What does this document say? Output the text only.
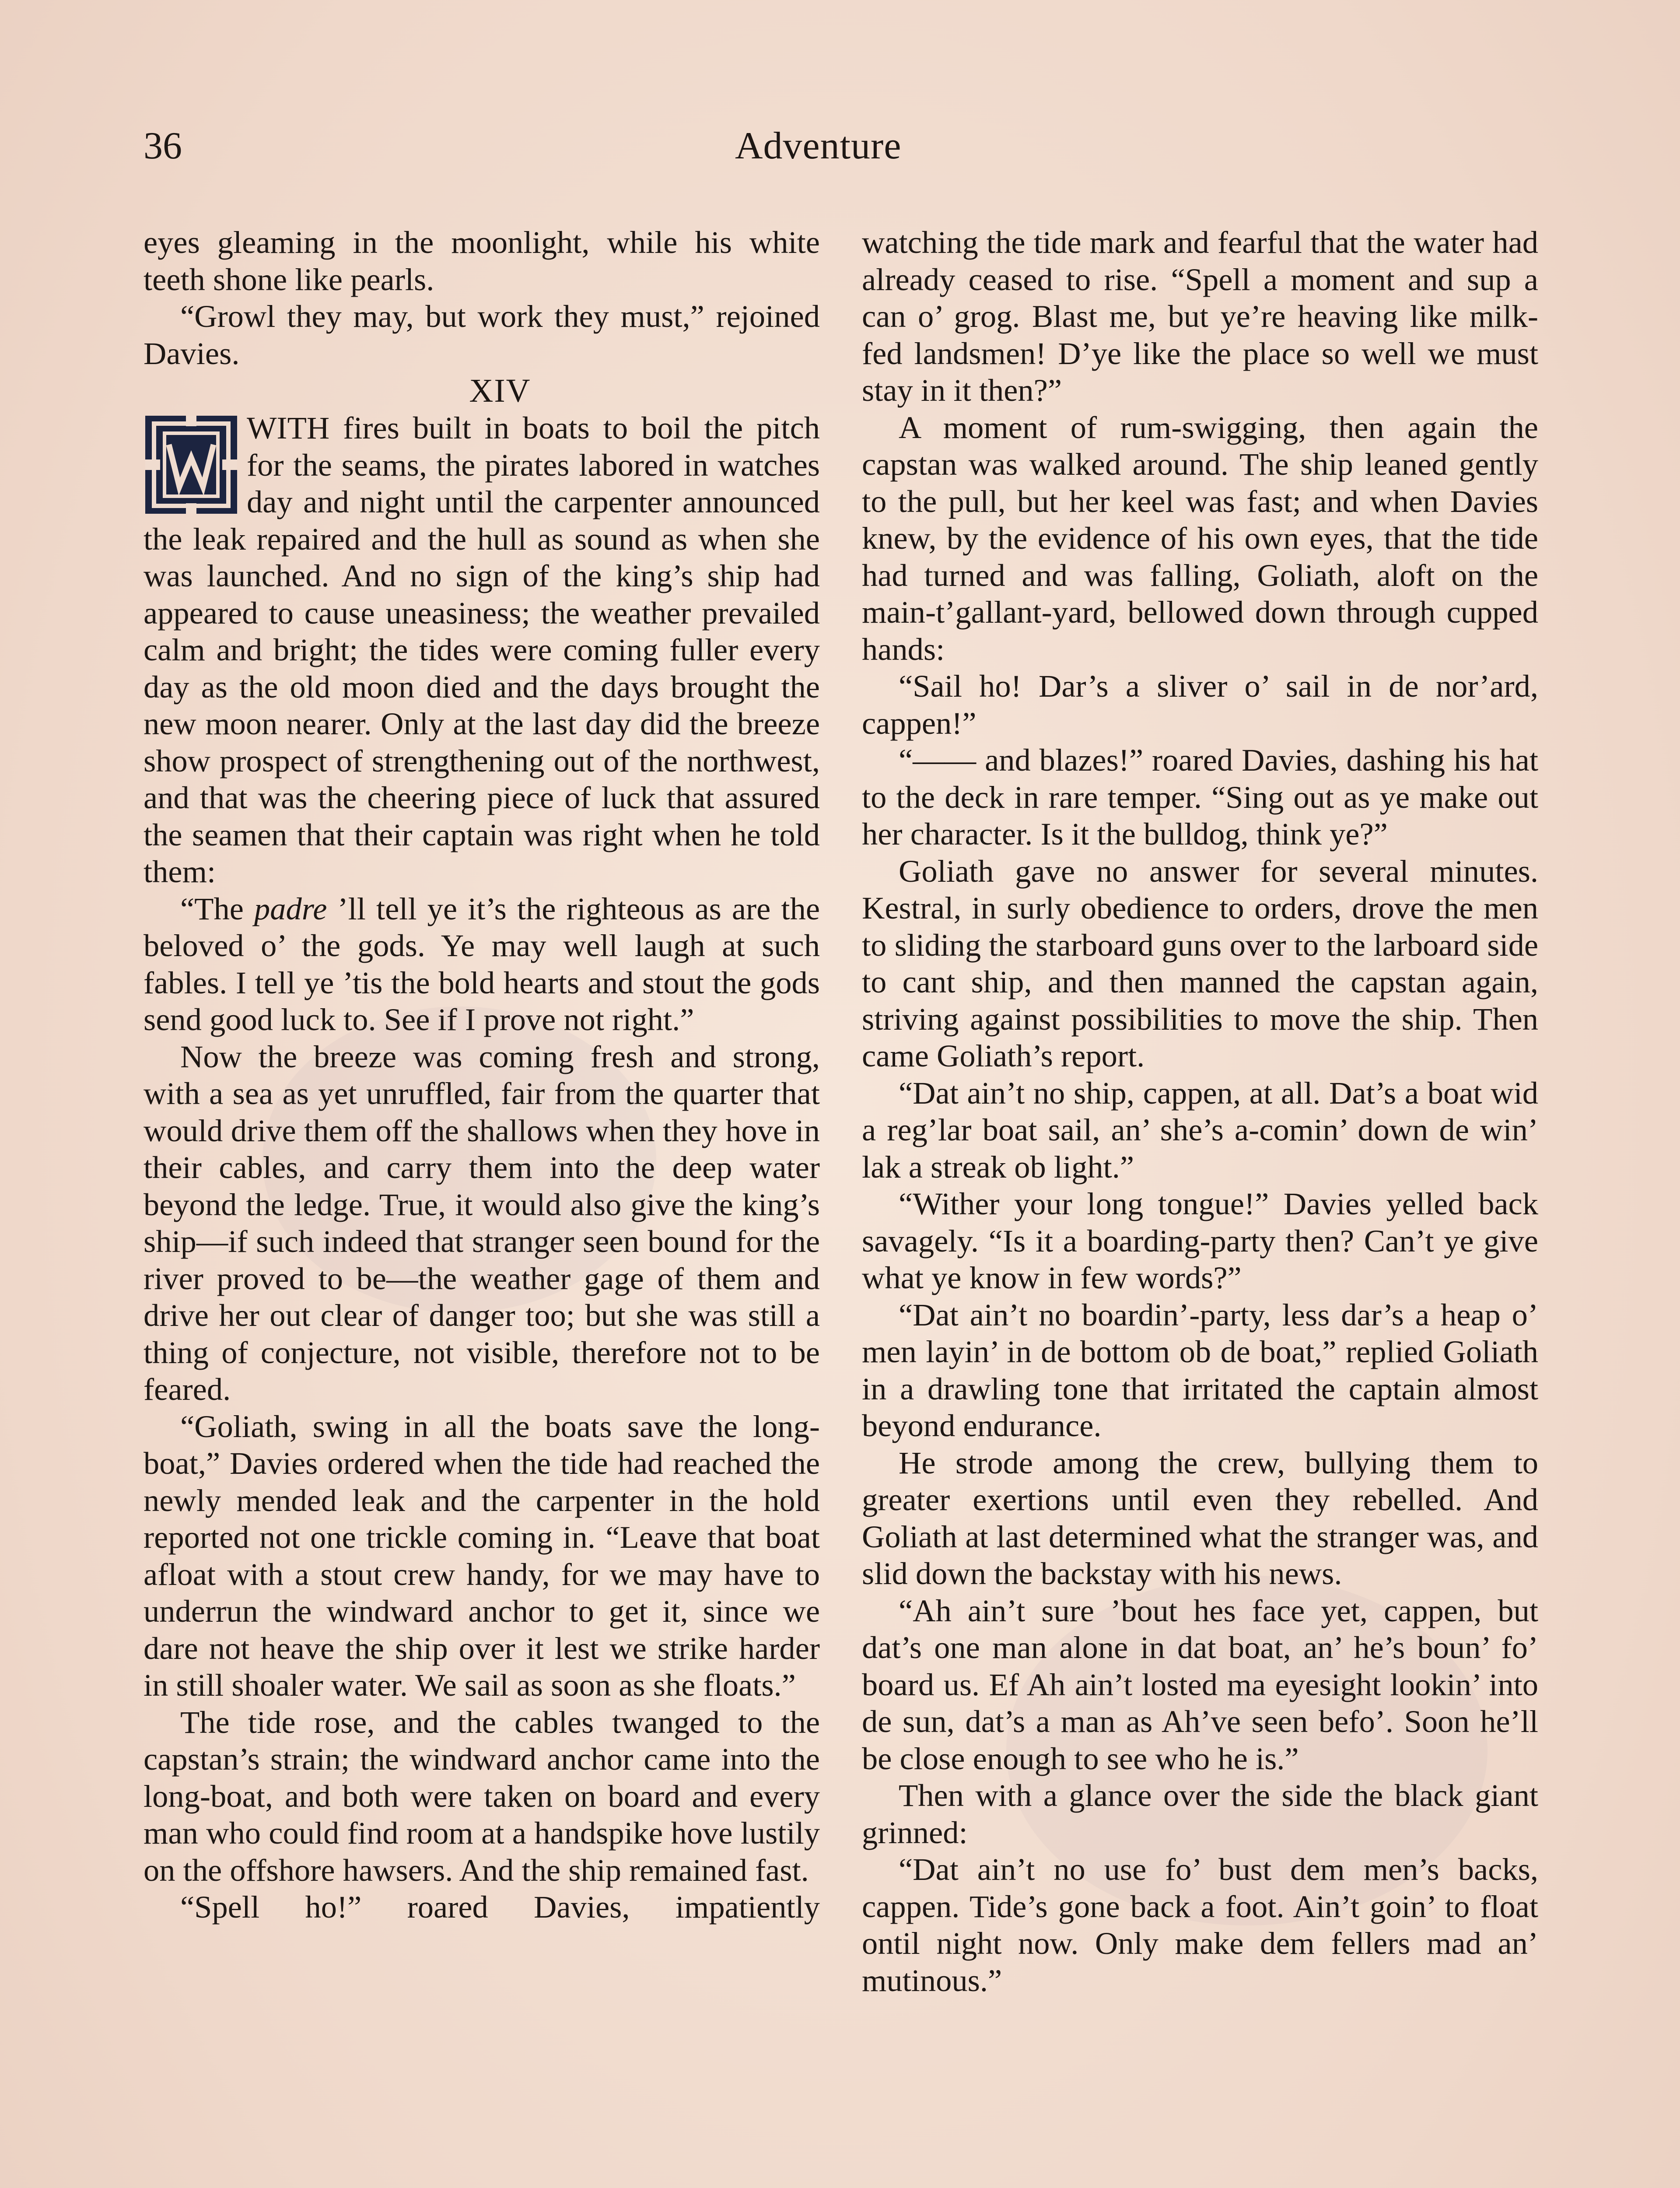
36	Adventure

eyes gleaming in the moonlight, while his white teeth shone like pearls.

“Growl they may, but work they must,” rejoined Davies.

XIV

WITH fires built in boats to boil the pitch for the seams, the pirates labored in watches day and night until the carpenter announced the leak repaired and the hull as sound as when she was launched. And no sign of the king’s ship had appeared to cause uneasiness; the weather prevailed calm and bright; the tides were coming fuller every day as the old moon died and the days brought the new moon nearer. Only at the last day did the breeze show prospect of strengthening out of the northwest, and that was the cheering piece of luck that assured the seamen that their captain was right when he told them:

“The padre ’ll tell ye it’s the righteous as are the beloved o’ the gods. Ye may well laugh at such fables. I tell ye ’tis the bold hearts and stout the gods send good luck to. See if I prove not right.”

Now the breeze was coming fresh and strong, with a sea as yet unruffled, fair from the quarter that would drive them off the shallows when they hove in their cables, and carry them into the deep water beyond the ledge. True, it would also give the king’s ship—if such indeed that stranger seen bound for the river proved to be—the weather gage of them and drive her out clear of danger too; but she was still a thing of conjecture, not visible, therefore not to be feared.

“Goliath, swing in all the boats save the long-boat,” Davies ordered when the tide had reached the newly mended leak and the carpenter in the hold reported not one trickle coming in. “Leave that boat afloat with a stout crew handy, for we may have to underrun the windward anchor to get it, since we dare not heave the ship over it lest we strike harder in still shoaler water. We sail as soon as she floats.”

The tide rose, and the cables twanged to the capstan’s strain; the windward anchor came into the long-boat, and both were taken on board and every man who could find room at a handspike hove lustily on the offshore hawsers. And the ship remained fast.

“Spell ho!” roared Davies, impatiently

watching the tide mark and fearful that the water had already ceased to rise. “Spell a moment and sup a can o’ grog. Blast me, but ye’re heaving like milk-fed landsmen! D’ye like the place so well we must stay in it then?”

A moment of rum-swigging, then again the capstan was walked around. The ship leaned gently to the pull, but her keel was fast; and when Davies knew, by the evidence of his own eyes, that the tide had turned and was falling, Goliath, aloft on the main-t’gallant-yard, bellowed down through cupped hands:

“Sail ho! Dar’s a sliver o’ sail in de nor’ard, cappen!”

“—— and blazes!” roared Davies, dashing his hat to the deck in rare temper. “Sing out as ye make out her character. Is it the bulldog, think ye?”

Goliath gave no answer for several minutes. Kestral, in surly obedience to orders, drove the men to sliding the starboard guns over to the larboard side to cant ship, and then manned the capstan again, striving against possibilities to move the ship. Then came Goliath’s report.

“Dat ain’t no ship, cappen, at all. Dat’s a boat wid a reg’lar boat sail, an’ she’s a-comin’ down de win’ lak a streak ob light.”

“Wither your long tongue!” Davies yelled back savagely. “Is it a boarding-party then? Can’t ye give what ye know in few words?”

“Dat ain’t no boardin’-party, less dar’s a heap o’ men layin’ in de bottom ob de boat,” replied Goliath in a drawling tone that irritated the captain almost beyond endurance.

He strode among the crew, bullying them to greater exertions until even they rebelled. And Goliath at last determined what the stranger was, and slid down the backstay with his news.

“Ah ain’t sure ’bout hes face yet, cappen, but dat’s one man alone in dat boat, an’ he’s boun’ fo’ board us. Ef Ah ain’t losted ma eyesight lookin’ into de sun, dat’s a man as Ah’ve seen befo’. Soon he’ll be close enough to see who he is.”

Then with a glance over the side the black giant grinned:

“Dat ain’t no use fo’ bust dem men’s backs, cappen. Tide’s gone back a foot. Ain’t goin’ to float ontil night now. Only make dem fellers mad an’ mutinous.”
